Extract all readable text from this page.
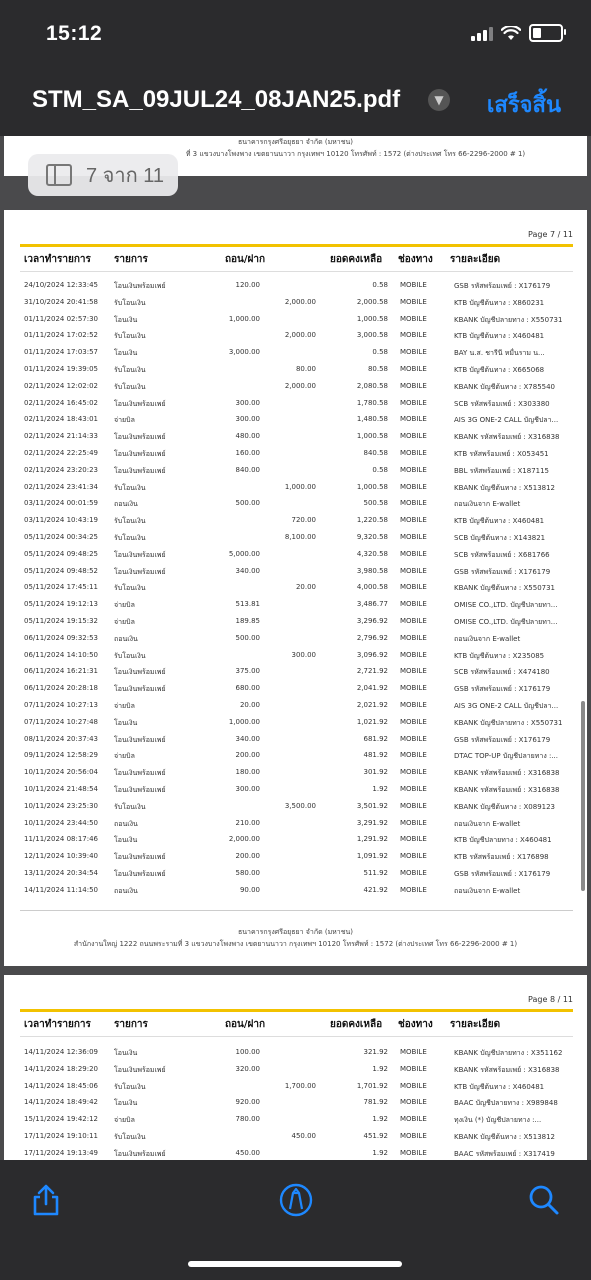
15:12
STM_SA_09JUL24_08JAN25.pdf	▼ เสร็จสิ้น
ธนาคารกรุงศรีอยุธยา จำกัด (มหาชน)
ที่ 3 แขวงบางโพงพาง เขตยานนาวา กรุงเทพฯ 10120 โทรศัพท์ : 1572 (ต่างประเทศ โทร 66-2296-2000 # 1)
7 จาก 11
Page 7 / 11
เวลาทำรายการ รายการ	ถอน/ฝาก	ยอดคงเหลือ ช่องทาง รายละเอียด
24/10/2024 12:33:45 โอนเงินพร้อมเพย์	120.00	0.58 MOBILE	GSB รหัสพร้อมเพย์ : X176179
31/10/2024 20:41:58 รับโอนเงิน	2,000.00	2,000.58 MOBILE	KTB บัญชีต้นทาง : X860231
01/11/2024 02:57:30 โอนเงิน	1,000.00	1,000.58 MOBILE	KBANK บัญชีปลายทาง : X550731
01/11/2024 17:02:52 รับโอนเงิน	2,000.00	3,000.58 MOBILE	KTB บัญชีต้นทาง : X460481
01/11/2024 17:03:57 โอนเงิน	3,000.00	0.58 MOBILE	BAY น.ส. ชารีนี หมื่นราม น...
01/11/2024 19:39:05 รับโอนเงิน	80.00	80.58 MOBILE	KTB บัญชีต้นทาง : X665068
02/11/2024 12:02:02 รับโอนเงิน	2,000.00	2,080.58 MOBILE	KBANK บัญชีต้นทาง : X785540
02/11/2024 16:45:02 โอนเงินพร้อมเพย์	300.00	1,780.58 MOBILE	SCB รหัสพร้อมเพย์ : X303380
02/11/2024 18:43:01 จ่ายบิล	300.00	1,480.58 MOBILE	AIS 3G ONE-2 CALL บัญชีปลา...
02/11/2024 21:14:33 โอนเงินพร้อมเพย์	480.00	1,000.58 MOBILE	KBANK รหัสพร้อมเพย์ : X316838
02/11/2024 22:25:49 โอนเงินพร้อมเพย์	160.00	840.58 MOBILE	KTB รหัสพร้อมเพย์ : X053451
02/11/2024 23:20:23 โอนเงินพร้อมเพย์	840.00	0.58 MOBILE	BBL รหัสพร้อมเพย์ : X187115
02/11/2024 23:41:34 รับโอนเงิน	1,000.00	1,000.58 MOBILE	KBANK บัญชีต้นทาง : X513812
03/11/2024 00:01:59 ถอนเงิน	500.00	500.58 MOBILE	ถอนเงินจาก E-wallet
03/11/2024 10:43:19 รับโอนเงิน	720.00	1,220.58 MOBILE	KTB บัญชีต้นทาง : X460481
05/11/2024 00:34:25 รับโอนเงิน	8,100.00	9,320.58 MOBILE	SCB บัญชีต้นทาง : X143821
05/11/2024 09:48:25 โอนเงินพร้อมเพย์	5,000.00	4,320.58 MOBILE	SCB รหัสพร้อมเพย์ : X681766
05/11/2024 09:48:52 โอนเงินพร้อมเพย์	340.00	3,980.58 MOBILE	GSB รหัสพร้อมเพย์ : X176179
05/11/2024 17:45:11 รับโอนเงิน	20.00	4,000.58 MOBILE	KBANK บัญชีต้นทาง : X550731
05/11/2024 19:12:13 จ่ายบิล	513.81	3,486.77 MOBILE	OMISE CO.,LTD. บัญชีปลายทา...
05/11/2024 19:15:32 จ่ายบิล	189.85	3,296.92 MOBILE	OMISE CO.,LTD. บัญชีปลายทา...
06/11/2024 09:32:53 ถอนเงิน	500.00	2,796.92 MOBILE	ถอนเงินจาก E-wallet
06/11/2024 14:10:50 รับโอนเงิน	300.00	3,096.92 MOBILE	KTB บัญชีต้นทาง : X235085
06/11/2024 16:21:31 โอนเงินพร้อมเพย์	375.00	2,721.92 MOBILE	SCB รหัสพร้อมเพย์ : X474180
06/11/2024 20:28:18 โอนเงินพร้อมเพย์	680.00	2,041.92 MOBILE	GSB รหัสพร้อมเพย์ : X176179
07/11/2024 10:27:13 จ่ายบิล	20.00	2,021.92 MOBILE	AIS 3G ONE-2 CALL บัญชีปลา...
07/11/2024 10:27:48 โอนเงิน	1,000.00	1,021.92 MOBILE	KBANK บัญชีปลายทาง : X550731
08/11/2024 20:37:43 โอนเงินพร้อมเพย์	340.00	681.92 MOBILE	GSB รหัสพร้อมเพย์ : X176179
09/11/2024 12:58:29 จ่ายบิล	200.00	481.92 MOBILE	DTAC TOP-UP บัญชีปลายทาง :...
10/11/2024 20:56:04 โอนเงินพร้อมเพย์	180.00	301.92 MOBILE	KBANK รหัสพร้อมเพย์ : X316838
10/11/2024 21:48:54 โอนเงินพร้อมเพย์	300.00	1.92 MOBILE	KBANK รหัสพร้อมเพย์ : X316838
10/11/2024 23:25:30 รับโอนเงิน	3,500.00	3,501.92 MOBILE	KBANK บัญชีต้นทาง : X089123
10/11/2024 23:44:50 ถอนเงิน	210.00	3,291.92 MOBILE	ถอนเงินจาก E-wallet
11/11/2024 08:17:46 โอนเงิน	2,000.00	1,291.92 MOBILE	KTB บัญชีปลายทาง : X460481
12/11/2024 10:39:40 โอนเงินพร้อมเพย์	200.00	1,091.92 MOBILE	KTB รหัสพร้อมเพย์ : X176898
13/11/2024 20:34:54 โอนเงินพร้อมเพย์	580.00	511.92 MOBILE	GSB รหัสพร้อมเพย์ : X176179
14/11/2024 11:14:50 ถอนเงิน	90.00	421.92 MOBILE	ถอนเงินจาก E-wallet
ธนาคารกรุงศรีอยุธยา จำกัด (มหาชน)
สำนักงานใหญ่ 1222 ถนนพระรามที่ 3 แขวงบางโพงพาง เขตยานนาวา กรุงเทพฯ 10120 โทรศัพท์ : 1572 (ต่างประเทศ โทร 66-2296-2000 # 1)
Page 8 / 11
เวลาทำรายการ รายการ	ถอน/ฝาก	ยอดคงเหลือ ช่องทาง รายละเอียด
14/11/2024 12:36:09 โอนเงิน	100.00	321.92 MOBILE	KBANK บัญชีปลายทาง : X351162
14/11/2024 18:29:20 โอนเงินพร้อมเพย์	320.00	1.92 MOBILE	KBANK รหัสพร้อมเพย์ : X316838
14/11/2024 18:45:06 รับโอนเงิน	1,700.00	1,701.92 MOBILE	KTB บัญชีต้นทาง : X460481
14/11/2024 18:49:42 โอนเงิน	920.00	781.92 MOBILE	BAAC บัญชีปลายทาง : X989848
15/11/2024 19:42:12 จ่ายบิล	780.00	1.92 MOBILE	ทุงเงิน (*) บัญชีปลายทาง :...
17/11/2024 19:10:11 รับโอนเงิน	450.00	451.92 MOBILE	KBANK บัญชีต้นทาง : X513812
17/11/2024 19:13:49 โอนเงินพร้อมเพย์	450.00	1.92 MOBILE	BAAC รหัสพร้อมเพย์ : X317419
